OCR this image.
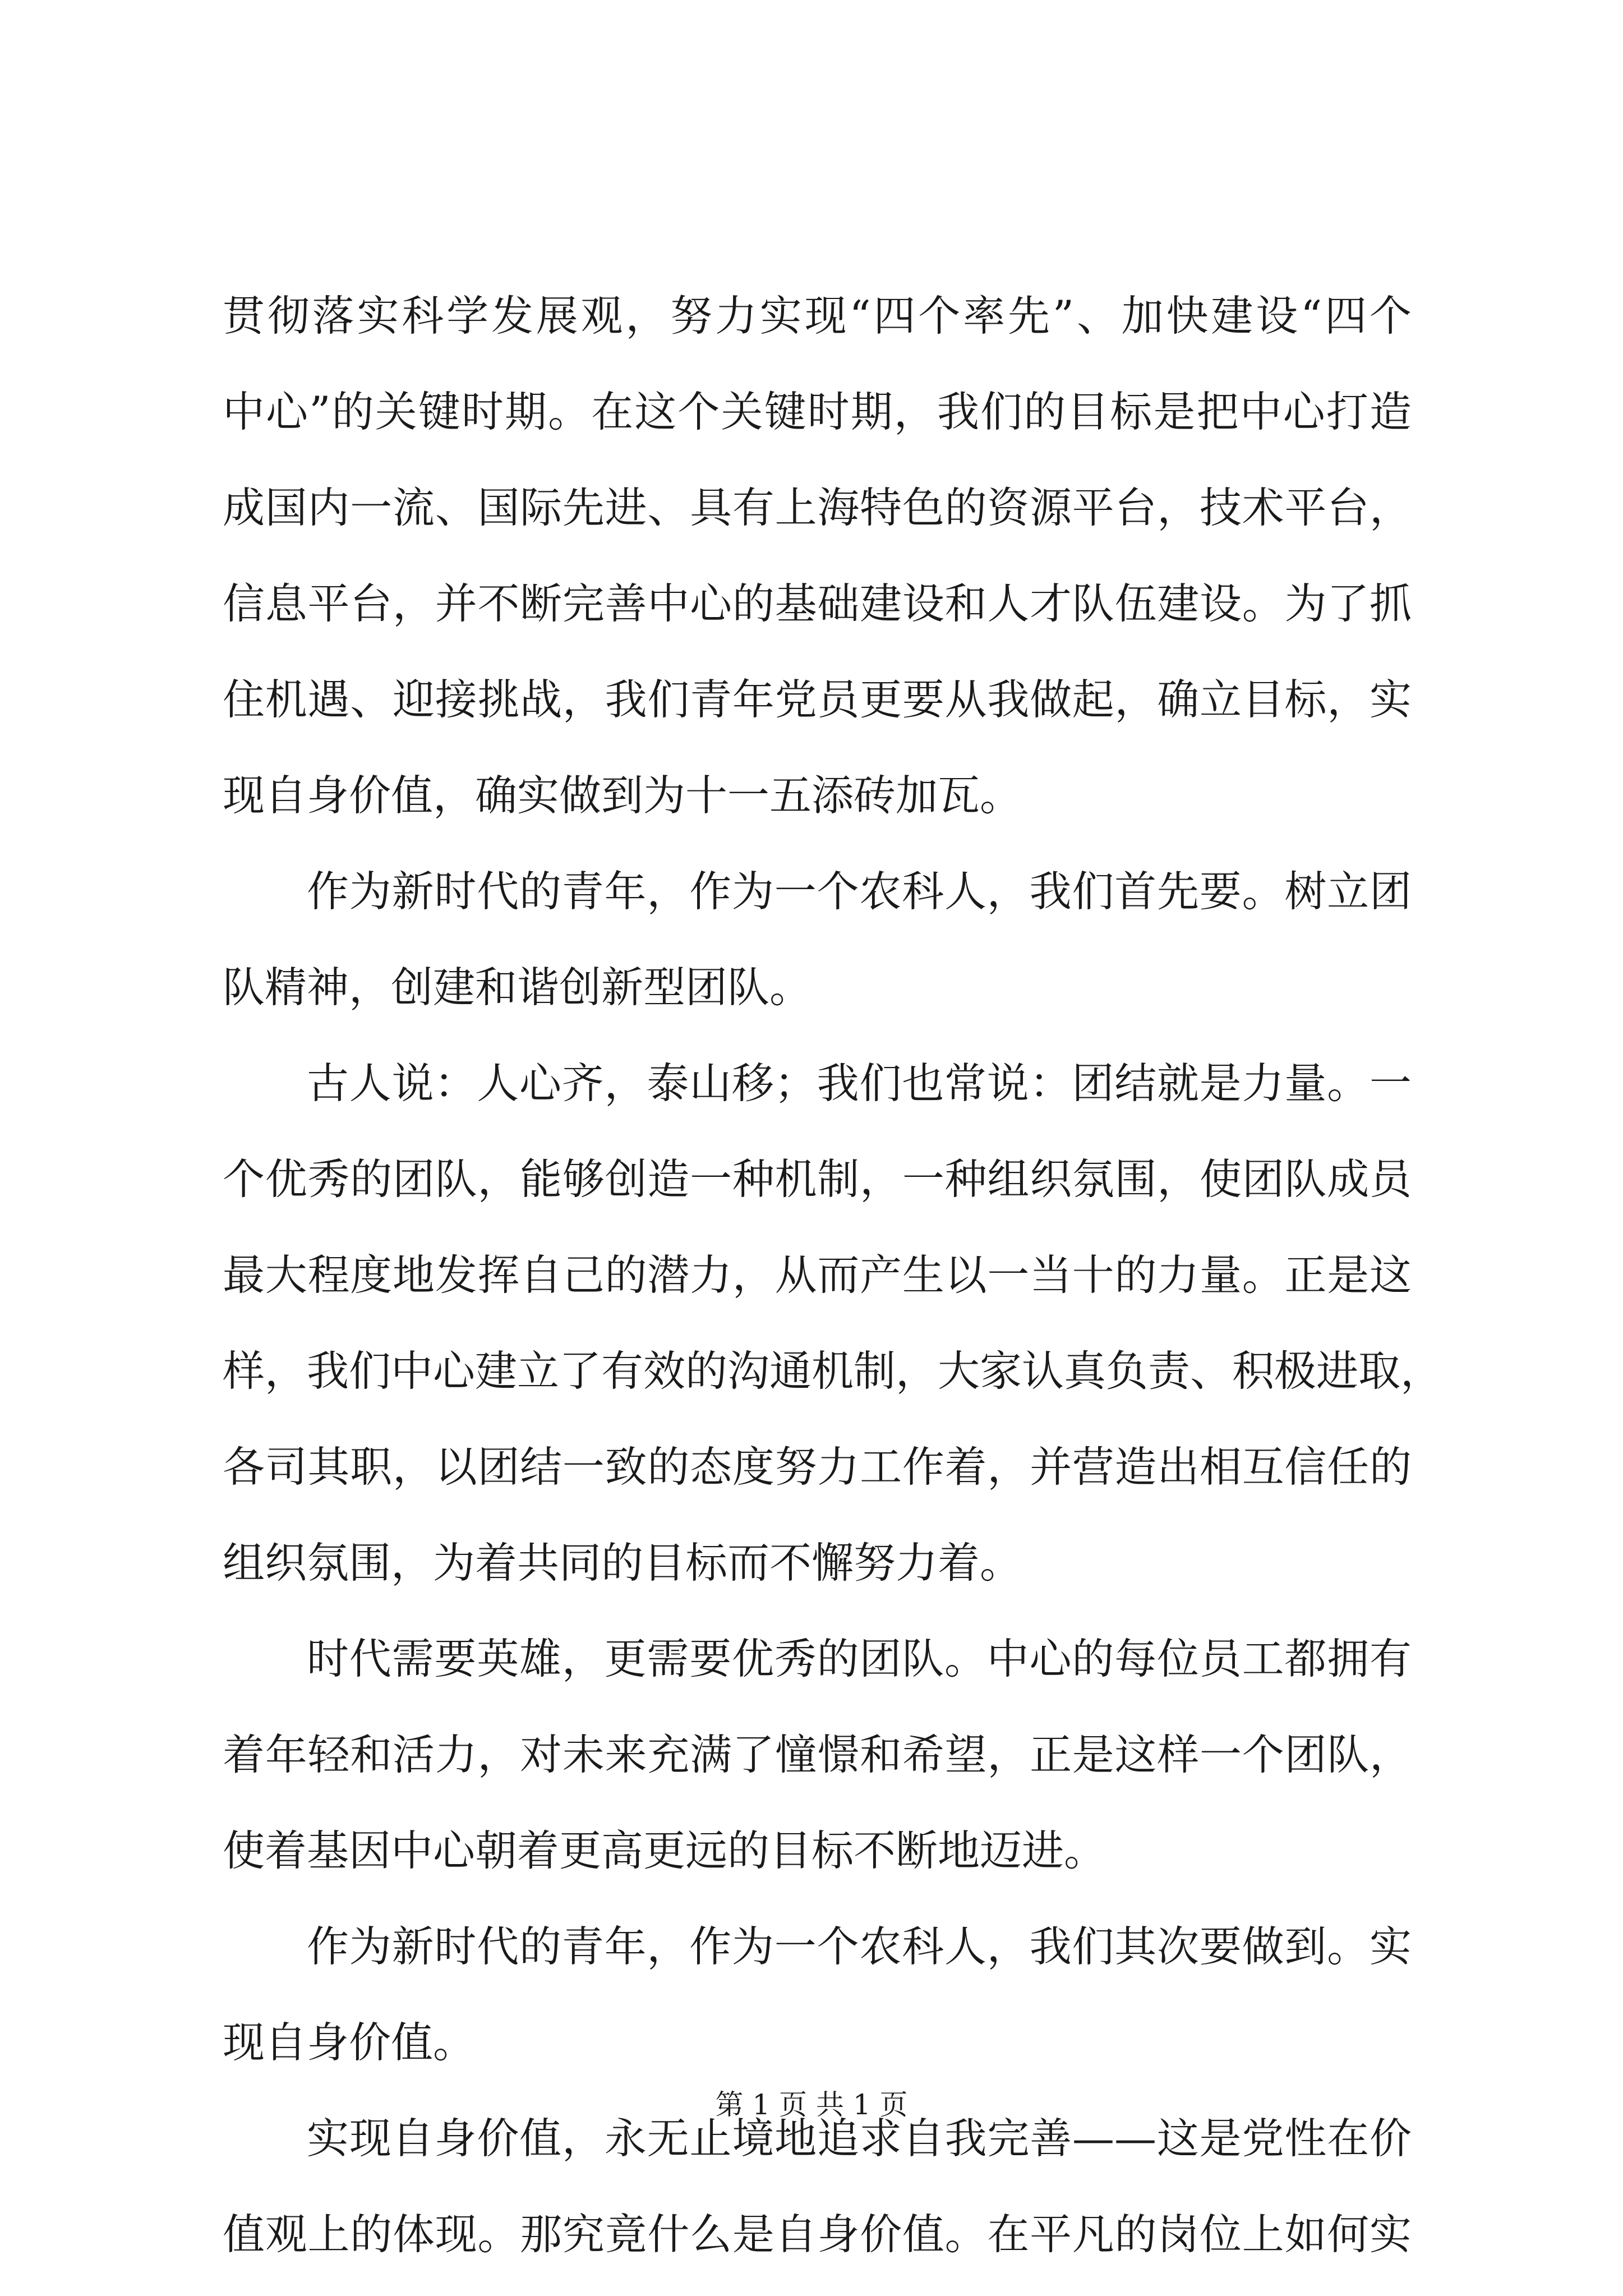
贯彻落实科学发展观，努力实现“四个率先”、加快建设“四个
中心”的关键时期。在这个关键时期，我们的目标是把中心打造
成国内一流、国际先进、具有上海特色的资源平台，技术平台，
信息平台，并不断完善中心的基础建设和人才队伍建设。为了抓
住机遇、迎接挑战，我们青年党员更要从我做起，确立目标，实
现自身价值，确实做到为十一五添砖加瓦。
作为新时代的青年，作为一个农科人，我们首先要。树立团
队精神，创建和谐创新型团队。
古人说：人心齐，泰山移；我们也常说：团结就是力量。一
个优秀的团队，能够创造一种机制，一种组织氛围，使团队成员
最大程度地发挥自己的潜力，从而产生以一当十的力量。正是这
样，我们中心建立了有效的沟通机制，大家认真负责、积极进取，
各司其职，以团结一致的态度努力工作着，并营造出相互信任的
组织氛围，为着共同的目标而不懈努力着。
时代需要英雄，更需要优秀的团队。中心的每位员工都拥有
着年轻和活力，对未来充满了憧憬和希望，正是这样一个团队，
使着基因中心朝着更高更远的目标不断地迈进。
作为新时代的青年，作为一个农科人，我们其次要做到。实
现自身价值。
实现自身价值，永无止境地追求自我完善——这是党性在价
值观上的体现。那究竟什么是自身价值。在平凡的岗位上如何实
第 1 页 共 1 页
